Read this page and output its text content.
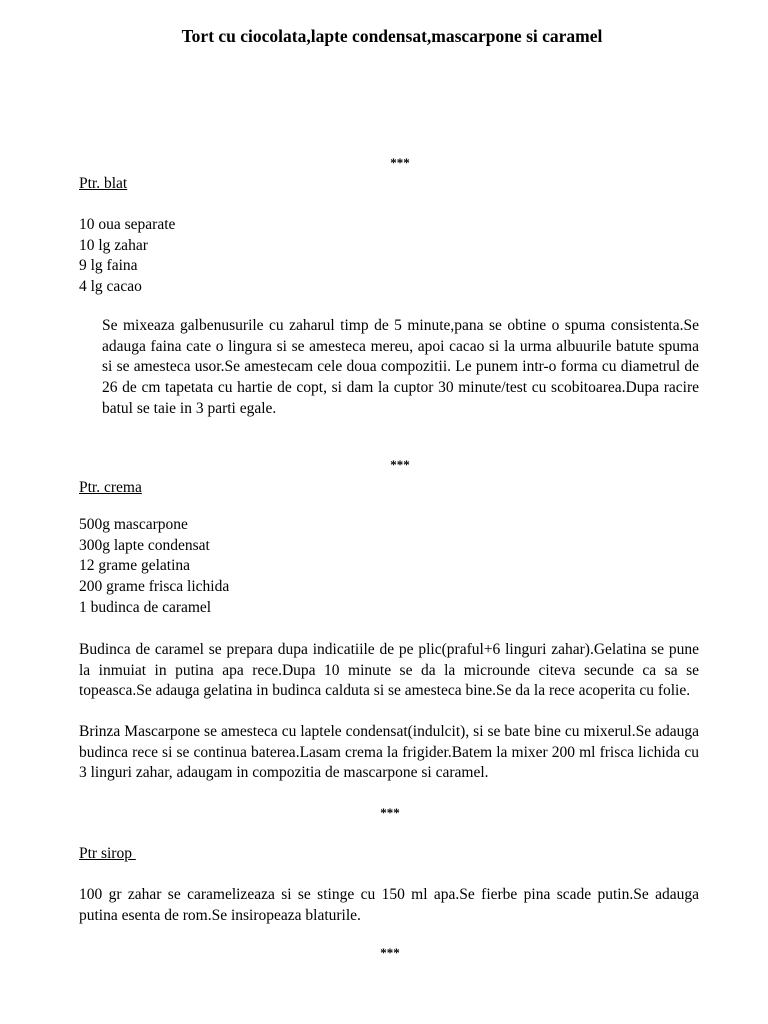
Tort cu ciocolata,lapte condensat,mascarpone si caramel
***
Ptr. blat
10 oua separate
10 lg zahar
9 lg faina
4 lg cacao

Se mixeaza galbenusurile cu zaharul timp de 5 minute,pana se obtine o spuma consistenta.Se adauga faina cate o lingura si se amesteca mereu, apoi cacao si la urma albuurile batute spuma si se amesteca usor.Se amestecam cele doua compozitii. Le punem intr-o forma cu diametrul de 26 de cm tapetata cu hartie de copt, si dam la cuptor 30 minute/test cu scobitoarea.Dupa racire batul se taie in 3 parti egale.

***
Ptr. crema
500g mascarpone
300g lapte condensat
12 grame gelatina
200 grame frisca lichida
1 budinca de caramel

Budinca de caramel se prepara dupa indicatiile de pe plic(praful+6 linguri zahar).Gelatina se pune la inmuiat in putina apa rece.Dupa 10 minute se da la microunde citeva secunde ca sa se topeasca.Se adauga gelatina in budinca calduta si se amesteca bine.Se da la rece acoperita cu folie.

Brinza Mascarpone se amesteca cu laptele condensat(indulcit), si se bate bine cu mixerul.Se adauga budinca rece si se continua baterea.Lasam crema la frigider.Batem la mixer 200 ml frisca lichida cu 3 linguri zahar, adaugam in compozitia de mascarpone si caramel.

***
Ptr sirop

100 gr zahar se caramelizeaza si se stinge cu 150 ml apa.Se fierbe pina scade putin.Se adauga putina esenta de rom.Se insiropeaza blaturile.

***
